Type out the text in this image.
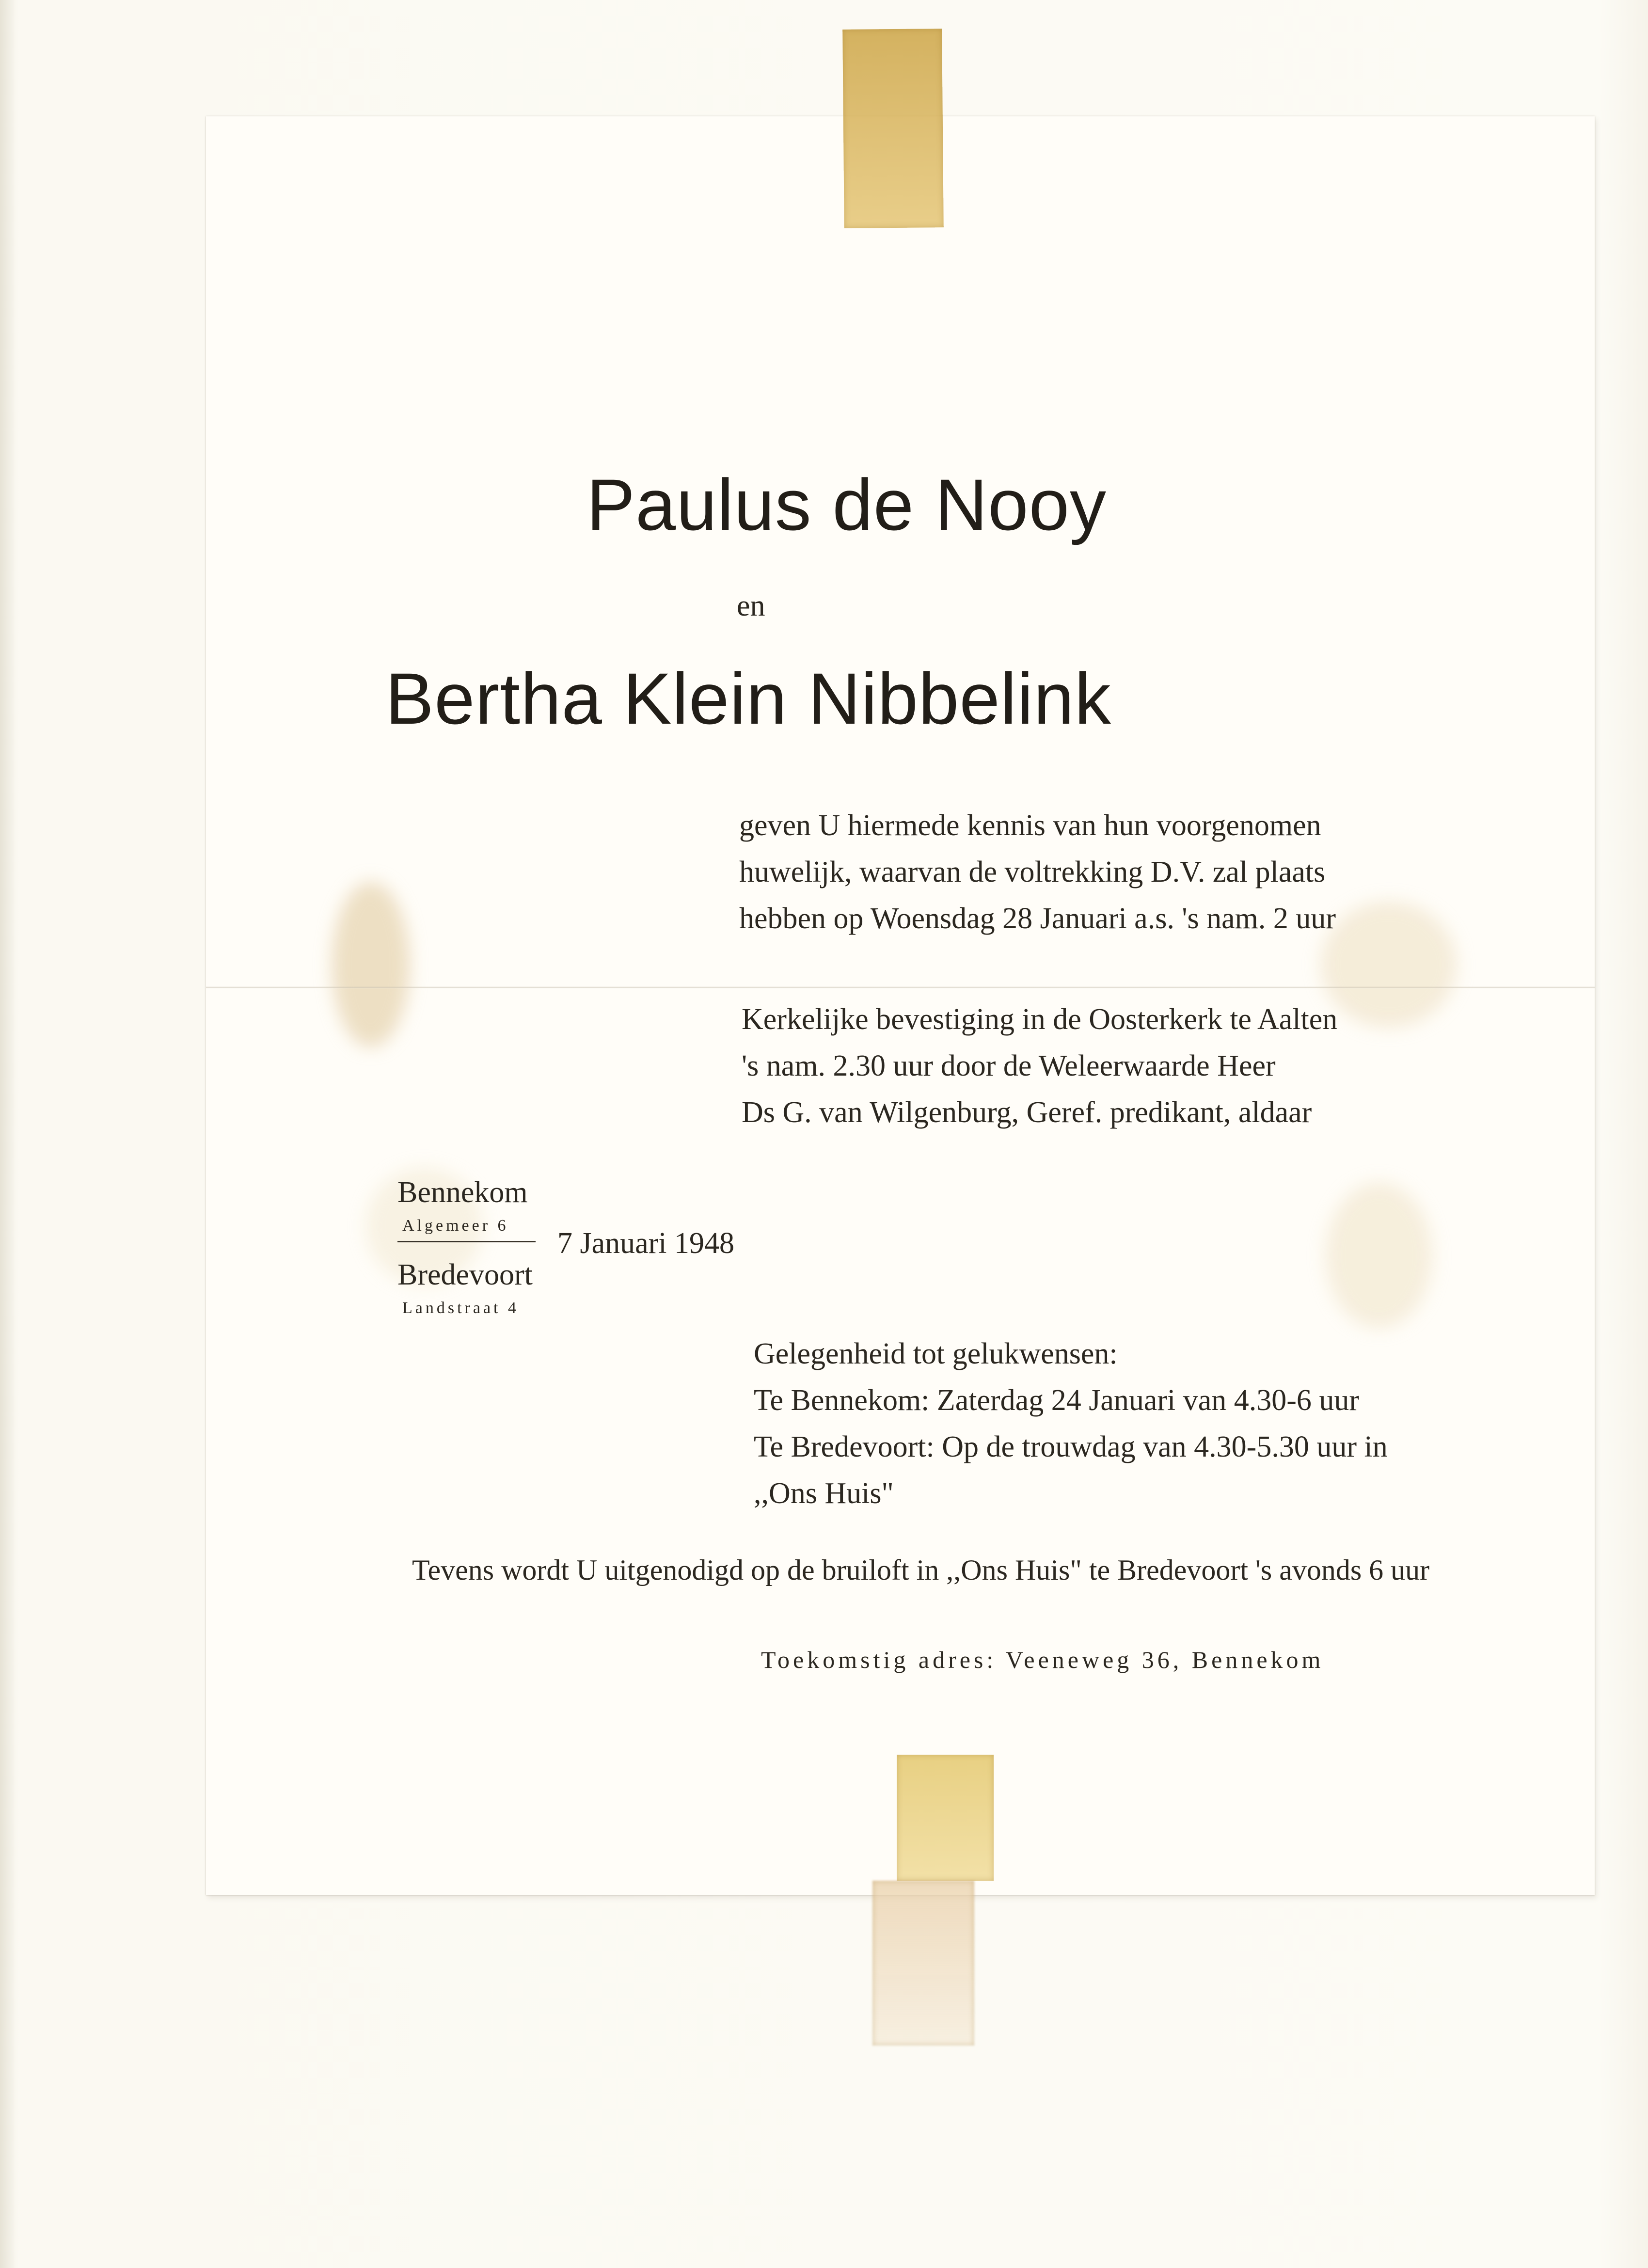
Paulus de Nooy
en
Bertha Klein Nibbelink
geven U hiermede kennis van hun voorgenomen
huwelijk, waarvan de voltrekking D.V. zal plaats
hebben op Woensdag 28 Januari a.s. 's nam. 2 uur
Kerkelijke bevestiging in de Oosterkerk te Aalten
's nam. 2.30 uur door de Weleerwaarde Heer
Ds G. van Wilgenburg, Geref. predikant, aldaar
Bennekom
Algemeer 6
Bredevoort
Landstraat 4
7 Januari 1948
Gelegenheid tot gelukwensen:
Te Bennekom: Zaterdag 24 Januari van 4.30-6 uur
Te Bredevoort: Op de trouwdag van 4.30-5.30 uur in
,,Ons Huis"
Tevens wordt U uitgenodigd op de bruiloft in ,,Ons Huis" te Bredevoort 's avonds 6 uur
Toekomstig adres: Veeneweg 36, Bennekom
